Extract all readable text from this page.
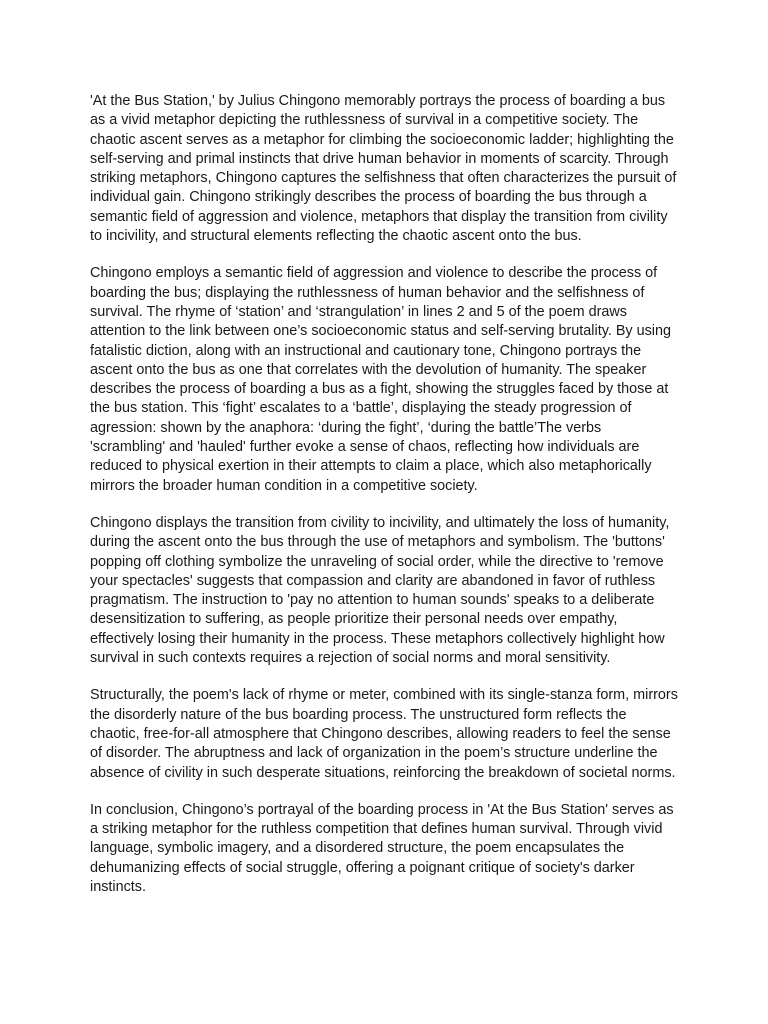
'At the Bus Station,' by Julius Chingono memorably portrays the process of boarding a bus as a vivid metaphor depicting the ruthlessness of survival in a competitive society. The chaotic ascent serves as a metaphor for climbing the socioeconomic ladder; highlighting the self-serving and primal instincts that drive human behavior in moments of scarcity. Through striking metaphors, Chingono captures the selfishness that often characterizes the pursuit of individual gain. Chingono strikingly describes the process of boarding the bus through a semantic field of aggression and violence, metaphors that display the transition from civility to incivility, and structural elements reflecting the chaotic ascent onto the bus.

Chingono employs a semantic field of aggression and violence to describe the process of boarding the bus; displaying the ruthlessness of human behavior and the selfishness of survival. The rhyme of ‘station’ and ‘strangulation’ in lines 2 and 5 of the poem draws attention to the link between one’s socioeconomic status and self-serving brutality. By using fatalistic diction, along with an instructional and cautionary tone, Chingono portrays the ascent onto the bus as one that correlates with the devolution of humanity. The speaker describes the process of boarding a bus as a fight, showing the struggles faced by those at the bus station. This ‘fight’ escalates to a ‘battle’, displaying the steady progression of agression: shown by the anaphora: ‘during the fight’, ‘during the battle’The verbs 'scrambling' and 'hauled' further evoke a sense of chaos, reflecting how individuals are reduced to physical exertion in their attempts to claim a place, which also metaphorically mirrors the broader human condition in a competitive society.

Chingono displays the transition from civility to incivility, and ultimately the loss of humanity, during the ascent onto the bus through the use of metaphors and symbolism. The 'buttons' popping off clothing symbolize the unraveling of social order, while the directive to 'remove your spectacles' suggests that compassion and clarity are abandoned in favor of ruthless pragmatism. The instruction to 'pay no attention to human sounds' speaks to a deliberate desensitization to suffering, as people prioritize their personal needs over empathy, effectively losing their humanity in the process. These metaphors collectively highlight how survival in such contexts requires a rejection of social norms and moral sensitivity.

Structurally, the poem's lack of rhyme or meter, combined with its single-stanza form, mirrors the disorderly nature of the bus boarding process. The unstructured form reflects the chaotic, free-for-all atmosphere that Chingono describes, allowing readers to feel the sense of disorder. The abruptness and lack of organization in the poem’s structure underline the absence of civility in such desperate situations, reinforcing the breakdown of societal norms.

In conclusion, Chingono’s portrayal of the boarding process in 'At the Bus Station' serves as a striking metaphor for the ruthless competition that defines human survival. Through vivid language, symbolic imagery, and a disordered structure, the poem encapsulates the dehumanizing effects of social struggle, offering a poignant critique of society's darker instincts.
